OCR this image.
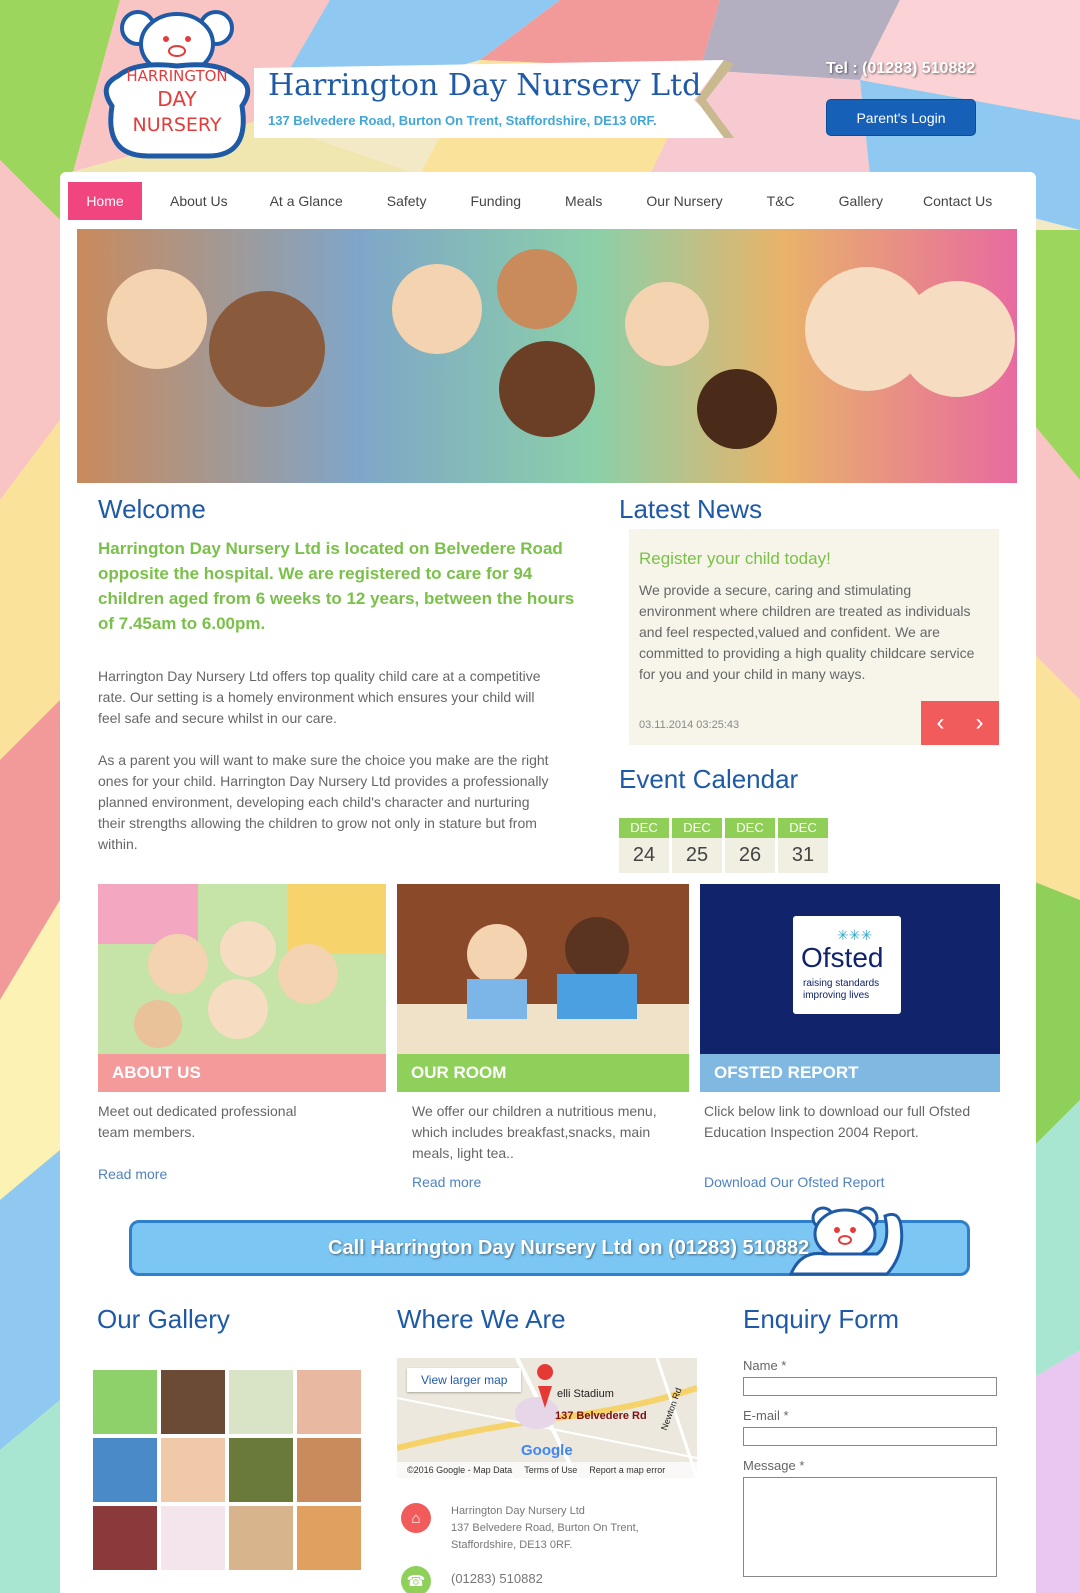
HARRINGTON
DAY
NURSERY
Harrington Day Nursery Ltd
137 Belvedere Road, Burton On Trent, Staffordshire, DE13 0RF.
Tel : (01283) 510882
Parent's Login
Home	About Us	At a Glance	Safety	Funding	Meals	Our Nursery	T&C	Gallery	Contact Us
Welcome
Harrington Day Nursery Ltd is located on Belvedere Road opposite the hospital. We are registered to care for 94 children aged from 6 weeks to 12 years, between the hours of 7.45am to 6.00pm.
Harrington Day Nursery Ltd offers top quality child care at a competitive rate. Our setting is a homely environment which ensures your child will feel safe and secure whilst in our care.
As a parent you will want to make sure the choice you make are the right ones for your child. Harrington Day Nursery Ltd provides a professionally planned environment, developing each child's character and nurturing their strengths allowing the children to grow not only in stature but from within.
Latest News
Register your child today!
We provide a secure, caring and stimulating environment where children are treated as individuals and feel respected,valued and confident. We are committed to providing a high quality childcare service for you and your child in many ways.
03.11.2014 03:25:43	‹ ›
Event Calendar
DEC
24
DEC
25
DEC
26
DEC
31
ABOUT US	OUR ROOM
✳✳✳
Ofsted
raising standards
improving lives
OFSTED REPORT
Meet out dedicated professional team members.
Read more
We offer our children a nutritious menu, which includes breakfast,snacks, main meals, light tea..
Read more
Click below link to download our full Ofsted Education Inspection 2004 Report.
Download Our Ofsted Report
Call Harrington Day Nursery Ltd on (01283) 510882
Our Gallery	Where We Are
View larger map
elli Stadium
137 Belvedere Rd Newton Rd
Google
©2016 Google - Map Data Terms of Use Report a map error
⌂	Harrington Day Nursery Ltd
137 Belvedere Road, Burton On Trent,
Staffordshire, DE13 0RF.
☎	(01283) 510882
Enquiry Form
Name *
E-mail *
Message *
